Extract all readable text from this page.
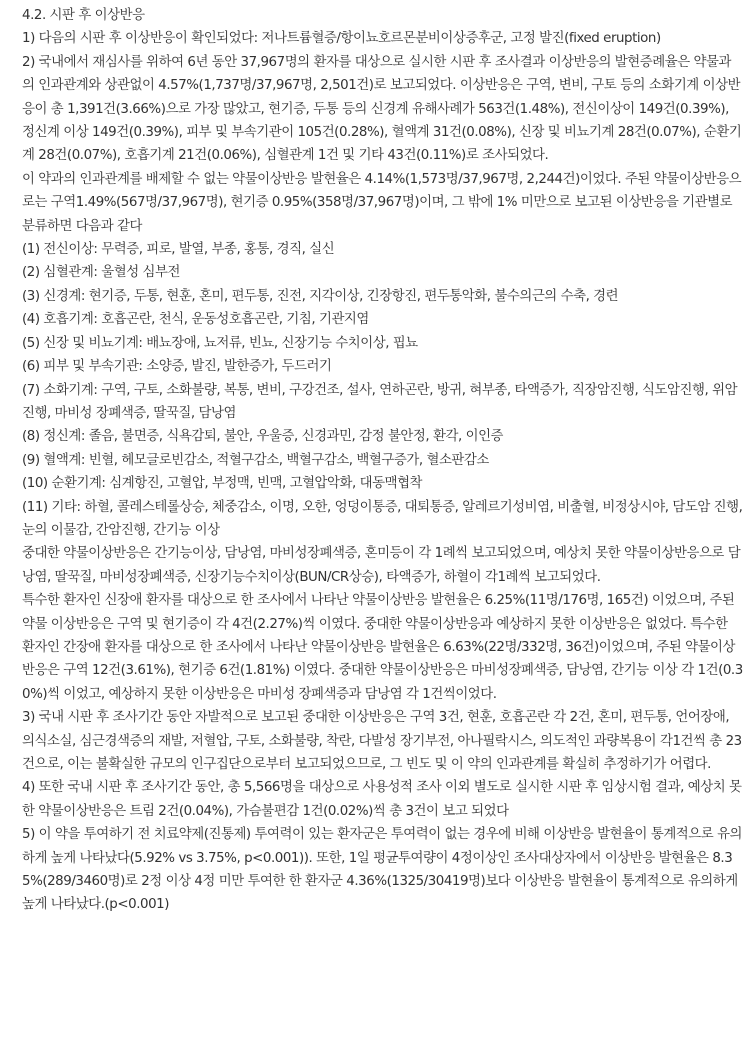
4.2. 시판 후 이상반응

1) 다음의 시판 후 이상반응이 확인되었다: 저나트륨혈증/항이뇨호르몬분비이상증후군, 고정 발진(fixed eruption)

2) 국내에서 재심사를 위하여 6년 동안 37,967명의 환자를 대상으로 실시한 시판 후 조사결과 이상반응의 발현증례율은 약물과의 인과관계와 상관없이 4.57%(1,737명/37,967명, 2,501건)로 보고되었다. 이상반응은 구역, 변비, 구토 등의 소화기계 이상반응이 총 1,391건(3.66%)으로 가장 많았고, 현기증, 두통 등의 신경계 유해사례가 563건(1.48%), 전신이상이 149건(0.39%), 정신계 이상 149건(0.39%), 피부 및 부속기관이 105건(0.28%), 혈액계 31건(0.08%), 신장 및 비뇨기계 28건(0.07%), 순환기계 28건(0.07%), 호흡기계 21건(0.06%), 심혈관계 1건 및 기타 43건(0.11%)로 조사되었다.

이 약과의 인과관계를 배제할 수 없는 약물이상반응 발현율은 4.14%(1,573명/37,967명, 2,244건)이었다. 주된 약물이상반응으로는 구역1.49%(567명/37,967명), 현기증 0.95%(358명/37,967명)이며, 그 밖에 1% 미만으로 보고된 이상반응을 기관별로 분류하면 다음과 같다

(1) 전신이상: 무력증, 피로, 발열, 부종, 홍통, 경직, 실신

(2) 심혈관계: 울혈성 심부전

(3) 신경계: 현기증, 두통, 현훈, 혼미, 편두통, 진전, 지각이상, 긴장항진, 편두통악화, 불수의근의 수축, 경련

(4) 호흡기계: 호흡곤란, 천식, 운동성호흡곤란, 기침, 기관지염

(5) 신장 및 비뇨기계: 배뇨장애, 뇨저류, 빈뇨, 신장기능 수치이상, 핍뇨

(6) 피부 및 부속기관: 소양증, 발진, 발한증가, 두드러기

(7) 소화기계: 구역, 구토, 소화불량, 복통, 변비, 구강건조, 설사, 연하곤란, 방귀, 혀부종, 타액증가, 직장암진행, 식도암진행, 위암진행, 마비성 장폐색증, 딸꾹질, 담낭염

(8) 정신계: 졸음, 불면증, 식욕감퇴, 불안, 우울증, 신경과민, 감정 불안정, 환각, 이인증

(9) 혈액계: 빈혈, 헤모글로빈감소, 적혈구감소, 백혈구감소, 백혈구증가, 혈소판감소

(10) 순환기계: 심계항진, 고혈압, 부정맥, 빈맥, 고혈압악화, 대동맥협착

(11) 기타: 하혈, 콜레스테롤상승, 체중감소, 이명, 오한, 엉덩이통증, 대퇴통증, 알레르기성비염, 비출혈, 비정상시야, 담도암 진행, 눈의 이물감, 간암진행, 간기능 이상

중대한 약물이상반응은 간기능이상, 담낭염, 마비성장폐색증, 혼미등이 각 1례씩 보고되었으며, 예상치 못한 약물이상반응으로 담낭염, 딸꾹질, 마비성장폐색증, 신장기능수치이상(BUN/CR상승), 타액증가, 하혈이 각1례씩 보고되었다.

특수한 환자인 신장애 환자를 대상으로 한 조사에서 나타난 약물이상반응 발현율은 6.25%(11명/176명, 165건) 이었으며, 주된 약물 이상반응은 구역 및 현기증이 각 4건(2.27%)씩 이였다. 중대한 약물이상반응과 예상하지 못한 이상반응은 없었다. 특수한 환자인 간장애 환자를 대상으로 한 조사에서 나타난 약물이상반응 발현율은 6.63%(22명/332명, 36건)이었으며, 주된 약물이상반응은 구역 12건(3.61%), 현기증 6건(1.81%) 이였다. 중대한 약물이상반응은 마비성장폐색증, 담낭염, 간기능 이상 각 1건(0.30%)씩 이었고, 예상하지 못한 이상반응은 마비성 장폐색증과 담낭염 각 1건씩이었다.

3) 국내 시판 후 조사기간 동안 자발적으로 보고된 중대한 이상반응은 구역 3건, 현훈, 호흡곤란 각 2건, 혼미, 편두통, 언어장애, 의식소실, 심근경색증의 재발, 저혈압, 구토, 소화불량, 착란, 다발성 장기부전, 아나필락시스, 의도적인 과량복용이 각1건씩 총 23건으로, 이는 불확실한 규모의 인구집단으로부터 보고되었으므로, 그 빈도 및 이 약의 인과관계를 확실히 추정하기가 어렵다.

4) 또한 국내 시판 후 조사기간 동안, 총 5,566명을 대상으로 사용성적 조사 이외 별도로 실시한 시판 후 임상시험 결과, 예상치 못한 약물이상반응은 트림 2건(0.04%), 가슴불편감 1건(0.02%)씩 총 3건이 보고 되었다

5) 이 약을 투여하기 전 치료약제(진통제) 투여력이 있는 환자군은 투여력이 없는 경우에 비해 이상반응 발현율이 통계적으로 유의하게 높게 나타났다(5.92% vs 3.75%, p<0.001)). 또한, 1일 평균투여량이 4정이상인 조사대상자에서 이상반응 발현율은 8.35%(289/3460명)로 2정 이상 4정 미만 투여한 한 환자군 4.36%(1325/30419명)보다 이상반응 발현율이 통계적으로 유의하게 높게 나타났다.(p<0.001)
